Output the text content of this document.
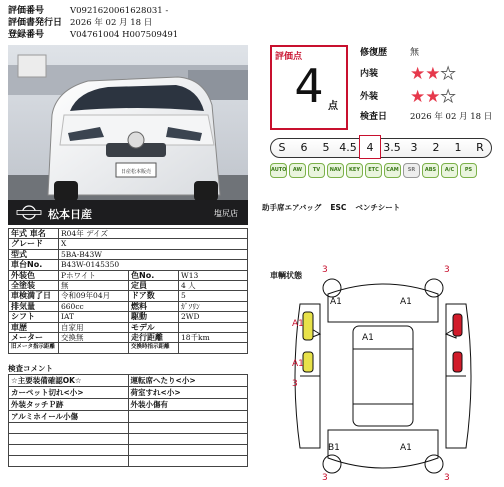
評価番号	V0921620061628031 -
評価書発行日 2026 年 02 月 18 日
登録番号	V04761004 H007509491
日産松本販売
松本日産	塩尻店
年式 車名	R04年 デイズ		
グレード	X		
型式	5BA-B43W		
車台No.	B43W-0145350		
外装色	Pホワイト	色No.	W13
全塗装	無	定員	4 人
車検満了日	令和09年04月	ドア数	5
排気量	660cc	燃料	ｶﾞｿﾘﾝ
シフト	IAT	駆動	2WD
車歴	自家用	モデル	
メーター	交換無	走行距離	18千km
旧メータ指示距離		交換時指示距離	
検査コメント
☆主要装備確認OK☆	運転席へたり<小>
カーペット切れ<小>	荷室すれ<小>
外装タッチＰ跡	外装小傷有
アルミホイール小傷	

評価点
4 点
修復歴	無
内装 ★★★
外装 ★★★
検査日	2026 年 02 月 18 日
S	6	5 4.5 4 3.5 3	2	1	R
AUTO	AW	TV	NAV	KEY	ETC	CAM	SR	ABS	A/C	PS
助手席エアバッグ ESC ベンチシート
車輌状態
3
A1	A1
3
A1
A1
A1
3
B1	A1
3	3
